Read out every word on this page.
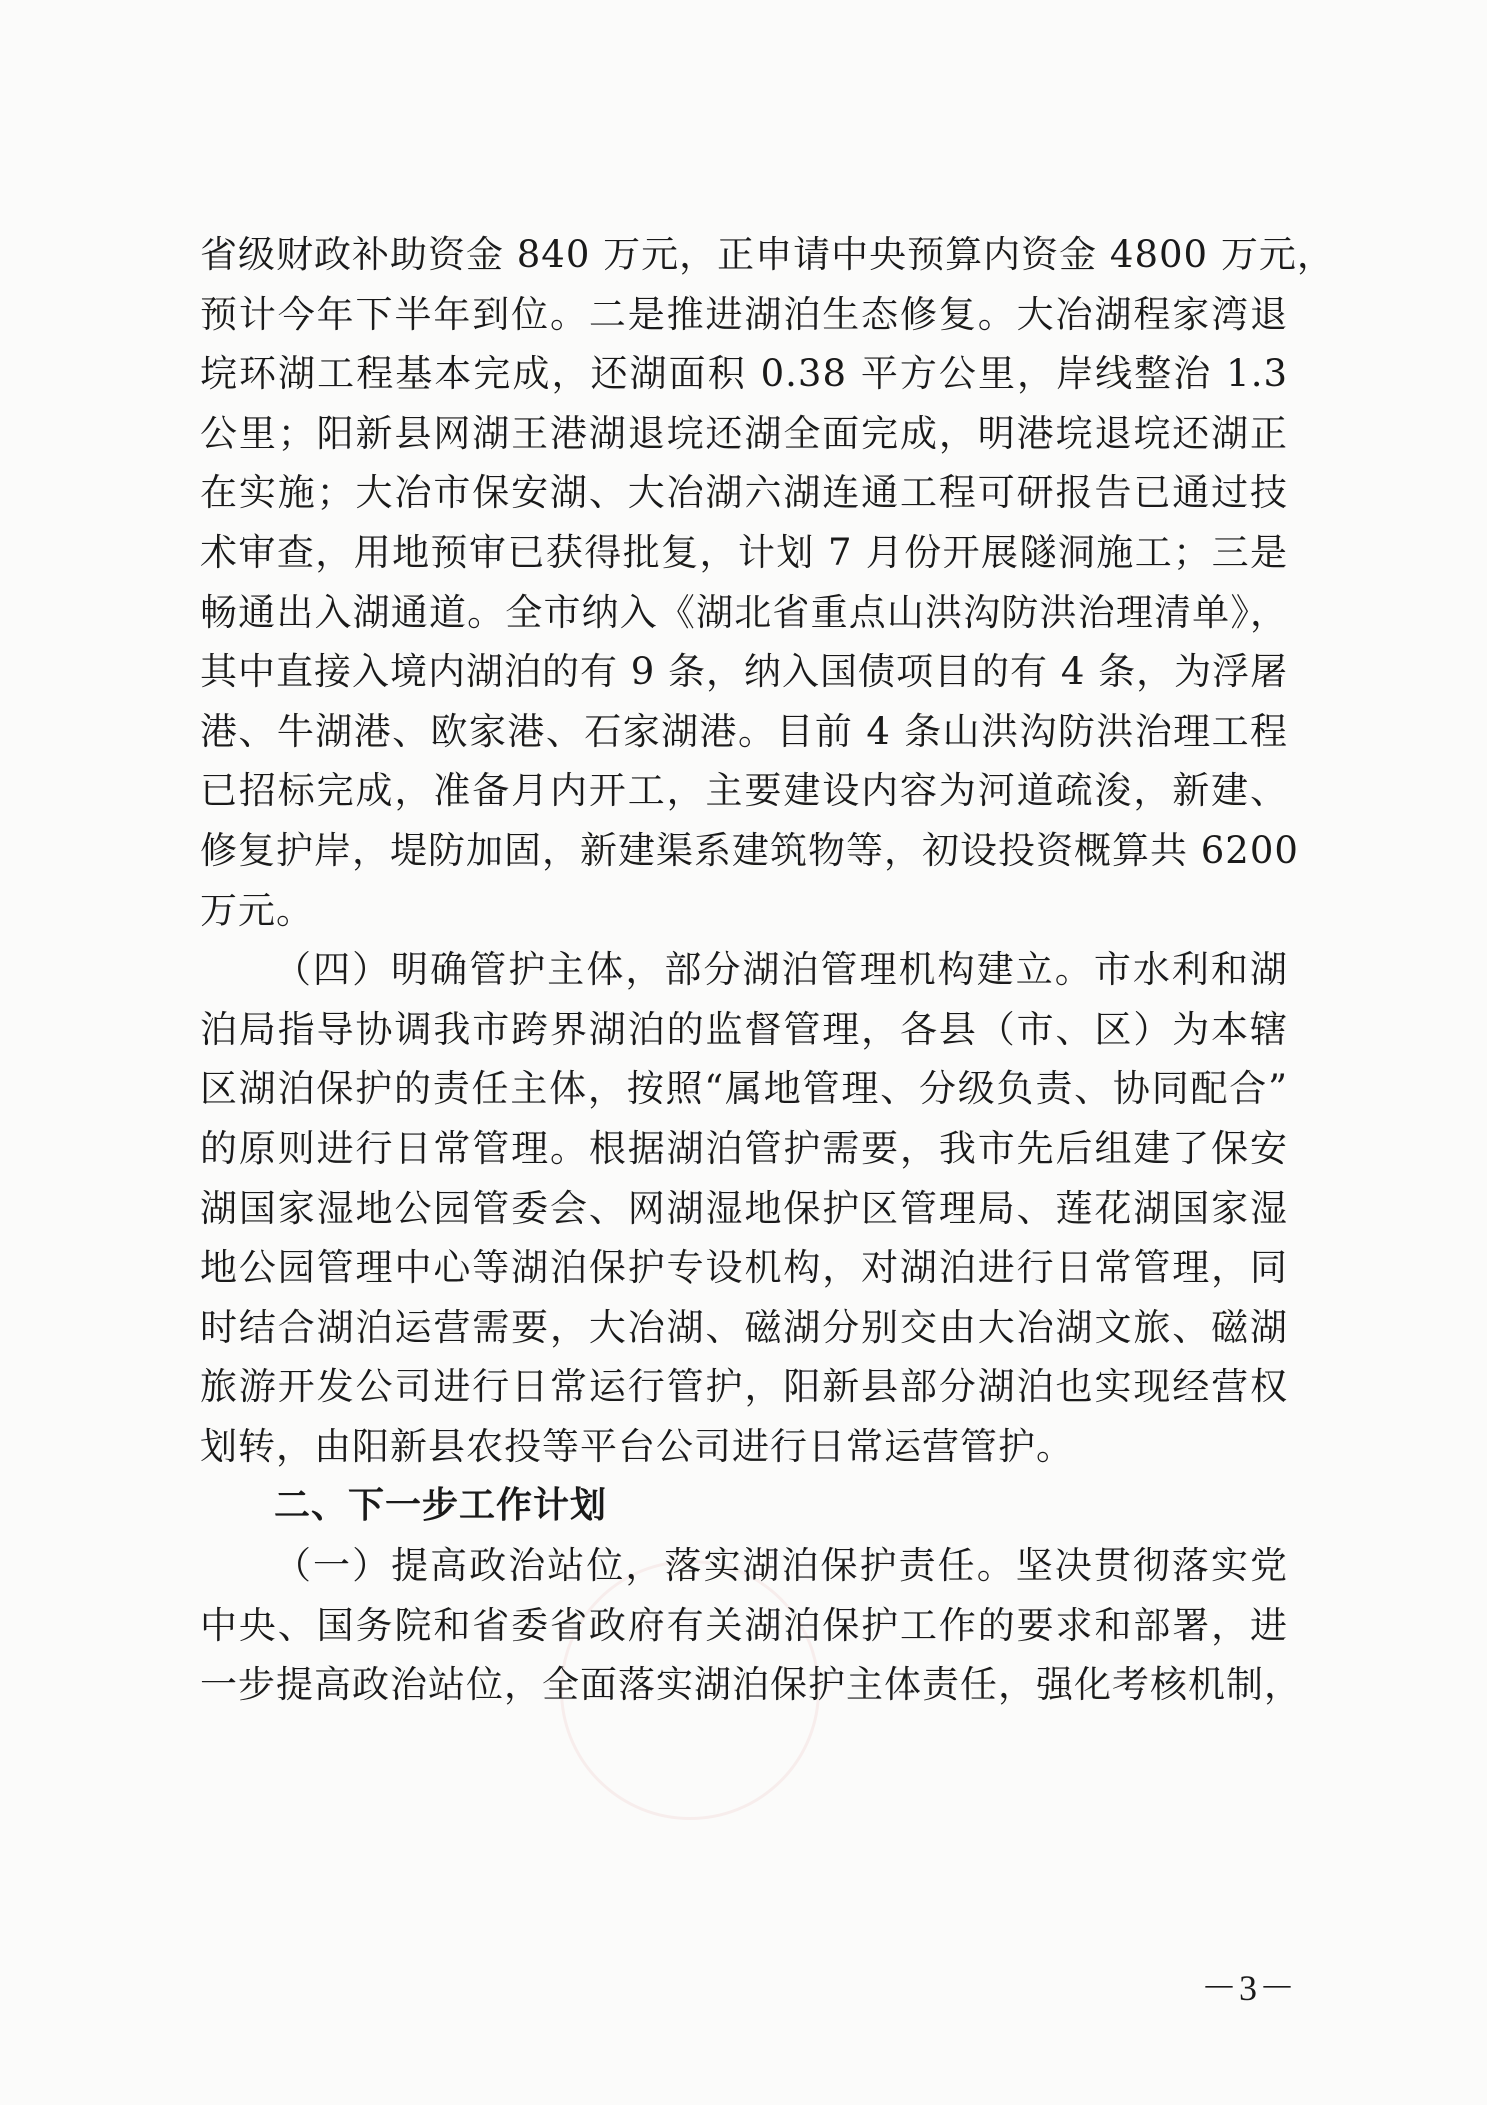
省级财政补助资金 840 万元，正申请中央预算内资金 4800 万元，
预计今年下半年到位。二是推进湖泊生态修复。大冶湖程家湾退
垸环湖工程基本完成，还湖面积 0.38 平方公里，岸线整治 1.3
公里；阳新县网湖王港湖退垸还湖全面完成，明港垸退垸还湖正
在实施；大冶市保安湖、大冶湖六湖连通工程可研报告已通过技
术审查，用地预审已获得批复，计划 7 月份开展隧洞施工；三是
畅通出入湖通道。全市纳入《湖北省重点山洪沟防洪治理清单》，
其中直接入境内湖泊的有 9 条，纳入国债项目的有 4 条，为浮屠
港、牛湖港、欧家港、石家湖港。目前 4 条山洪沟防洪治理工程
已招标完成，准备月内开工，主要建设内容为河道疏浚，新建、
修复护岸，堤防加固，新建渠系建筑物等，初设投资概算共 6200
万元。
（四）明确管护主体，部分湖泊管理机构建立。市水利和湖
泊局指导协调我市跨界湖泊的监督管理，各县（市、区）为本辖
区湖泊保护的责任主体，按照“属地管理、分级负责、协同配合”
的原则进行日常管理。根据湖泊管护需要，我市先后组建了保安
湖国家湿地公园管委会、网湖湿地保护区管理局、莲花湖国家湿
地公园管理中心等湖泊保护专设机构，对湖泊进行日常管理，同
时结合湖泊运营需要，大冶湖、磁湖分别交由大冶湖文旅、磁湖
旅游开发公司进行日常运行管护，阳新县部分湖泊也实现经营权
划转，由阳新县农投等平台公司进行日常运营管护。
二、下一步工作计划
（一）提高政治站位，落实湖泊保护责任。坚决贯彻落实党
中央、国务院和省委省政府有关湖泊保护工作的要求和部署，进
一步提高政治站位，全面落实湖泊保护主体责任，强化考核机制，
－3－
